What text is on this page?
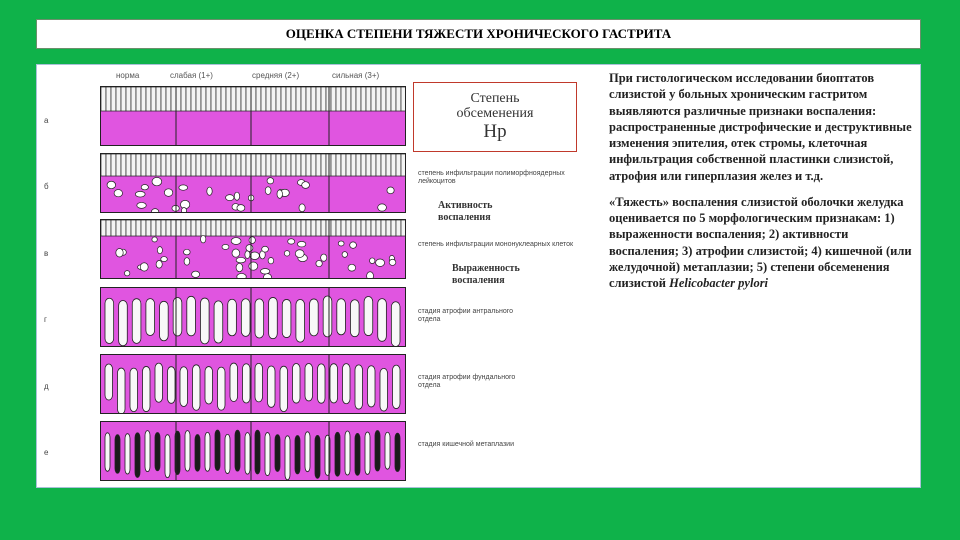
ОЦЕНКА СТЕПЕНИ ТЯЖЕСТИ ХРОНИЧЕСКОГО ГАСТРИТА
норма	слабая (1+)	средняя (2+)	сильная (3+)
а
б
в
г
д
е
Степень
обсеменения
Нр
степень инфильтрации полиморфноядерных лейкоцитов
Активность
воспаления
степень инфильтрации мононуклеарных клеток
Выраженность
воспаления
стадия атрофии антрального отдела
стадия атрофии фундального отдела
стадия кишечной метаплазии

При гистологическом исследовании биоптатов слизистой у больных хроническим гастритом выявляются различные признаки воспаления: распространенные дистрофические и деструктивные изменения эпителия, отек стромы, клеточная инфильтрация собственной пластинки слизистой, атрофия или гиперплазия желез и т.д.

«Тяжесть» воспаления слизистой оболочки желудка оценивается по 5 морфологическим признакам: 1) выраженности воспаления; 2) активности воспаления; 3) атрофии слизистой; 4) кишечной (или желудочной) метаплазии; 5) степени обсеменения слизистой Helicobacter pylori
